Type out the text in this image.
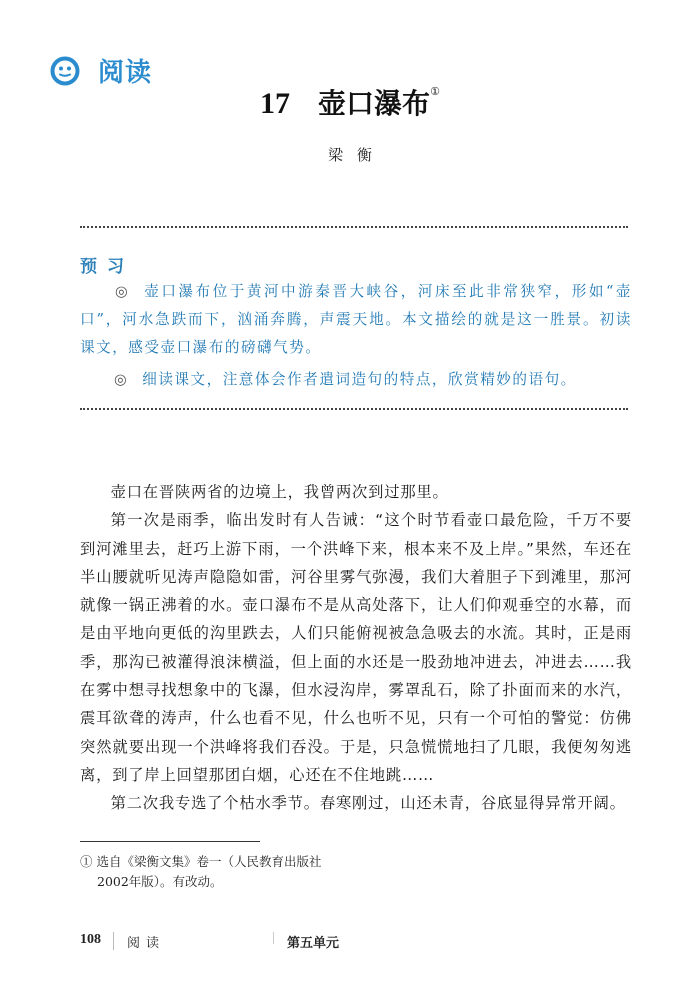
阅读
17 壶口瀑布①
梁衡
预习
◎ 壶口瀑布位于黄河中游秦晋大峡谷，河床至此非常狭窄，形如“壶口”，河水急跌而下，汹涌奔腾，声震天地。本文描绘的就是这一胜景。初读课文，感受壶口瀑布的磅礴气势。
◎ 细读课文，注意体会作者遣词造句的特点，欣赏精妙的语句。

壶口在晋陕两省的边境上，我曾两次到过那里。

第一次是雨季，临出发时有人告诫：“这个时节看壶口最危险，千万不要到河滩里去，赶巧上游下雨，一个洪峰下来，根本来不及上岸。”果然，车还在半山腰就听见涛声隐隐如雷，河谷里雾气弥漫，我们大着胆子下到滩里，那河就像一锅正沸着的水。壶口瀑布不是从高处落下，让人们仰观垂空的水幕，而是由平地向更低的沟里跌去，人们只能俯视被急急吸去的水流。其时，正是雨季，那沟已被灌得浪沫横溢，但上面的水还是一股劲地冲进去，冲进去……我在雾中想寻找想象中的飞瀑，但水浸沟岸，雾罩乱石，除了扑面而来的水汽，震耳欲聋的涛声，什么也看不见，什么也听不见，只有一个可怕的警觉：仿佛突然就要出现一个洪峰将我们吞没。于是，只急慌慌地扫了几眼，我便匆匆逃离，到了岸上回望那团白烟，心还在不住地跳……

第二次我专选了个枯水季节。春寒刚过，山还未青，谷底显得异常开阔。

① 选自《梁衡文集》卷一（人民教育出版社
2002年版）。有改动。
108 阅读	第五单元
